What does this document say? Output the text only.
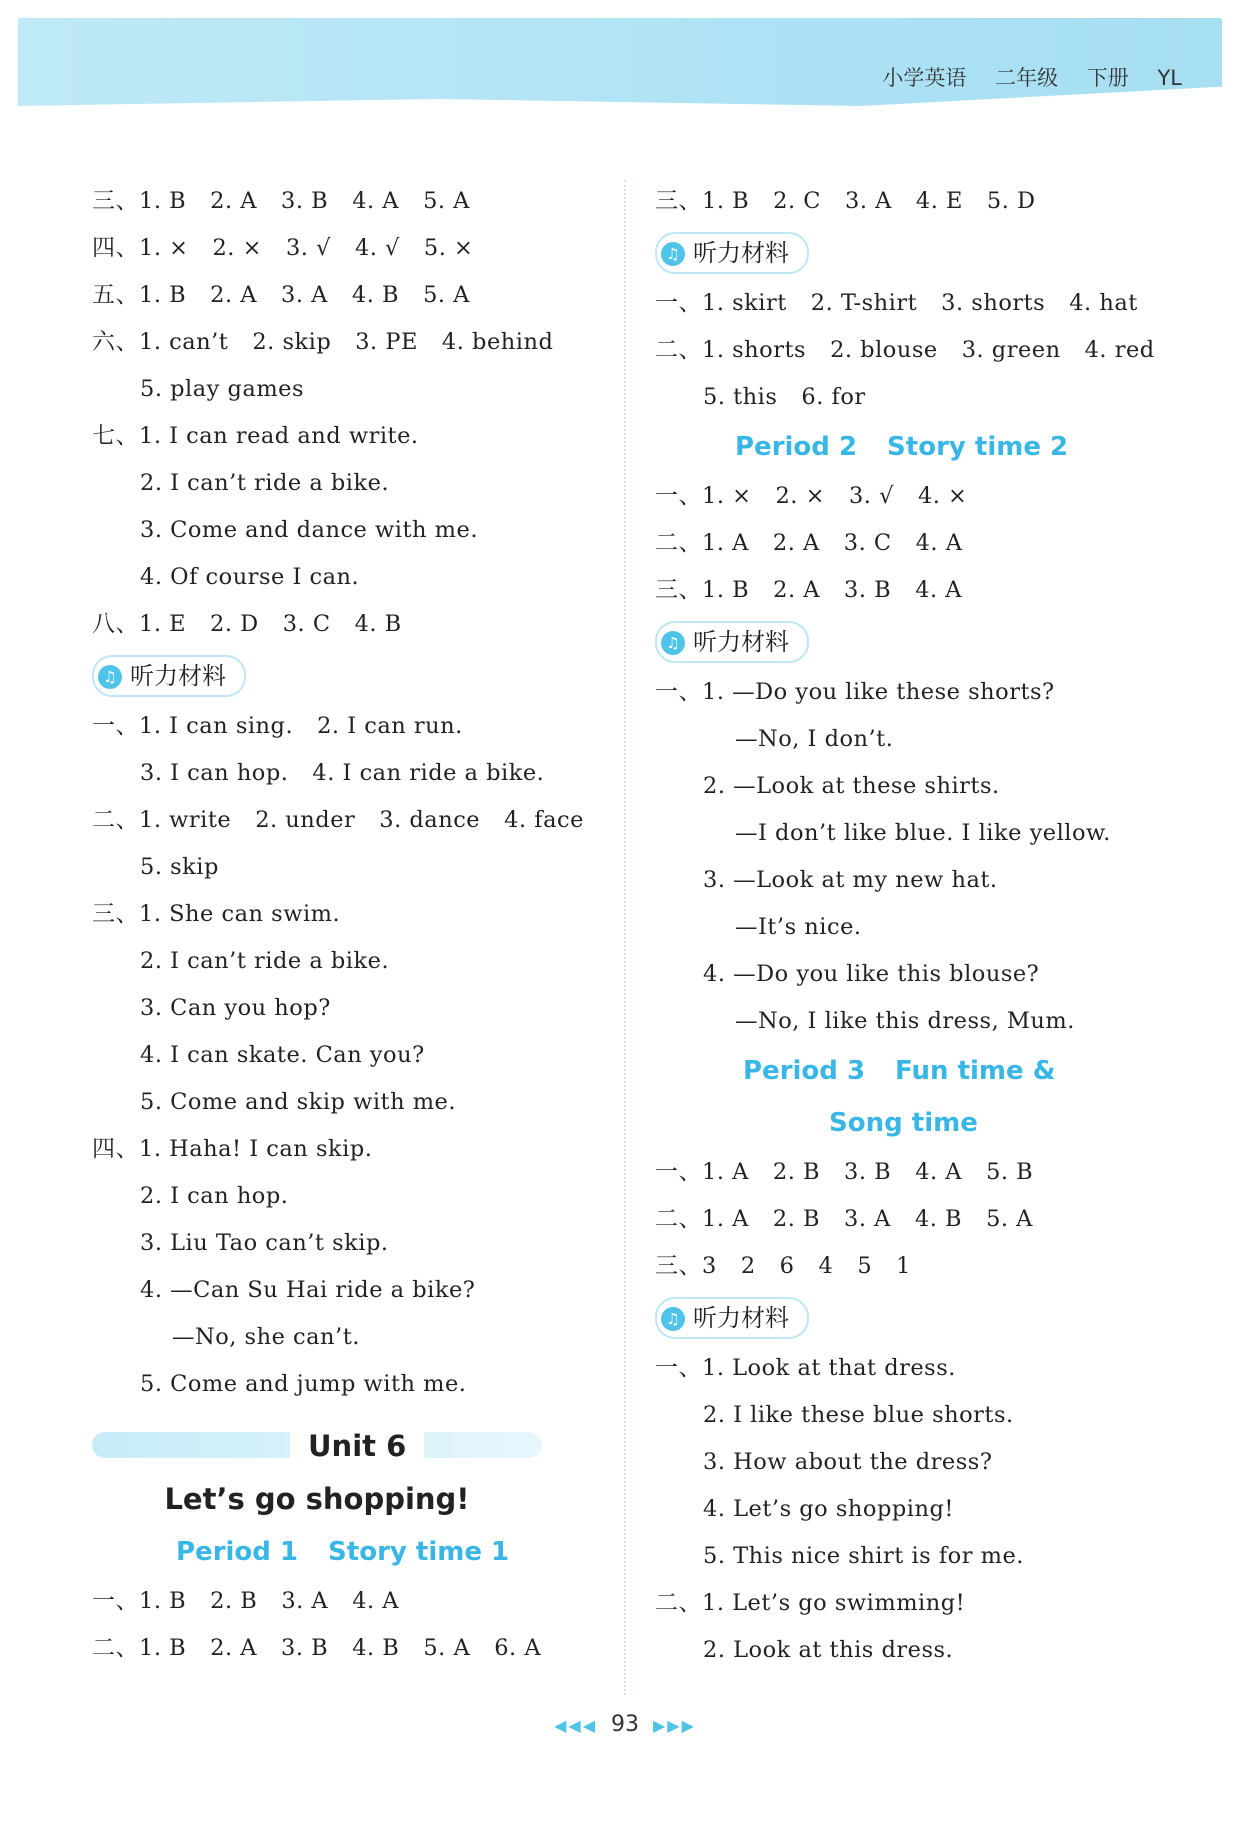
小学英语 二年级 下册 YL
三、1. B 2. A 3. B 4. A 5. A
四、1. × 2. × 3. √ 4. √ 5. ×
五、1. B 2. A 3. A 4. B 5. A
六、1. can’t 2. skip 3. PE 4. behind
5. play games
七、1. I can read and write.
2. I can’t ride a bike.
3. Come and dance with me.
4. Of course I can.
八、1. E 2. D 3. C 4. B
♫ 听力材料
一、1. I can sing. 2. I can run.
3. I can hop. 4. I can ride a bike.
二、1. write 2. under 3. dance 4. face
5. skip
三、1. She can swim.
2. I can’t ride a bike.
3. Can you hop?
4. I can skate. Can you?
5. Come and skip with me.
四、1. Haha! I can skip.
2. I can hop.
3. Liu Tao can’t skip.
4. —Can Su Hai ride a bike?
—No, she can’t.
5. Come and jump with me.
Unit 6
Let’s go shopping!
Period 1 Story time 1
一、1. B 2. B 3. A 4. A
二、1. B 2. A 3. B 4. B 5. A 6. A
三、1. B 2. C 3. A 4. E 5. D
♫ 听力材料
一、1. skirt 2. T-shirt 3. shorts 4. hat
二、1. shorts 2. blouse 3. green 4. red
5. this 6. for
Period 2 Story time 2
一、1. × 2. × 3. √ 4. ×
二、1. A 2. A 3. C 4. A
三、1. B 2. A 3. B 4. A
♫ 听力材料
一、1. —Do you like these shorts?
—No, I don’t.
2. —Look at these shirts.
—I don’t like blue. I like yellow.
3. —Look at my new hat.
—It’s nice.
4. —Do you like this blouse?
—No, I like this dress, Mum.
Period 3 Fun time &
Song time
一、1. A 2. B 3. B 4. A 5. B
二、1. A 2. B 3. A 4. B 5. A
三、3 2 6 4 5 1
♫ 听力材料
一、1. Look at that dress.
2. I like these blue shorts.
3. How about the dress?
4. Let’s go shopping!
5. This nice shirt is for me.
二、1. Let’s go swimming!
2. Look at this dress.
◀◀◀ 93 ▶▶▶
